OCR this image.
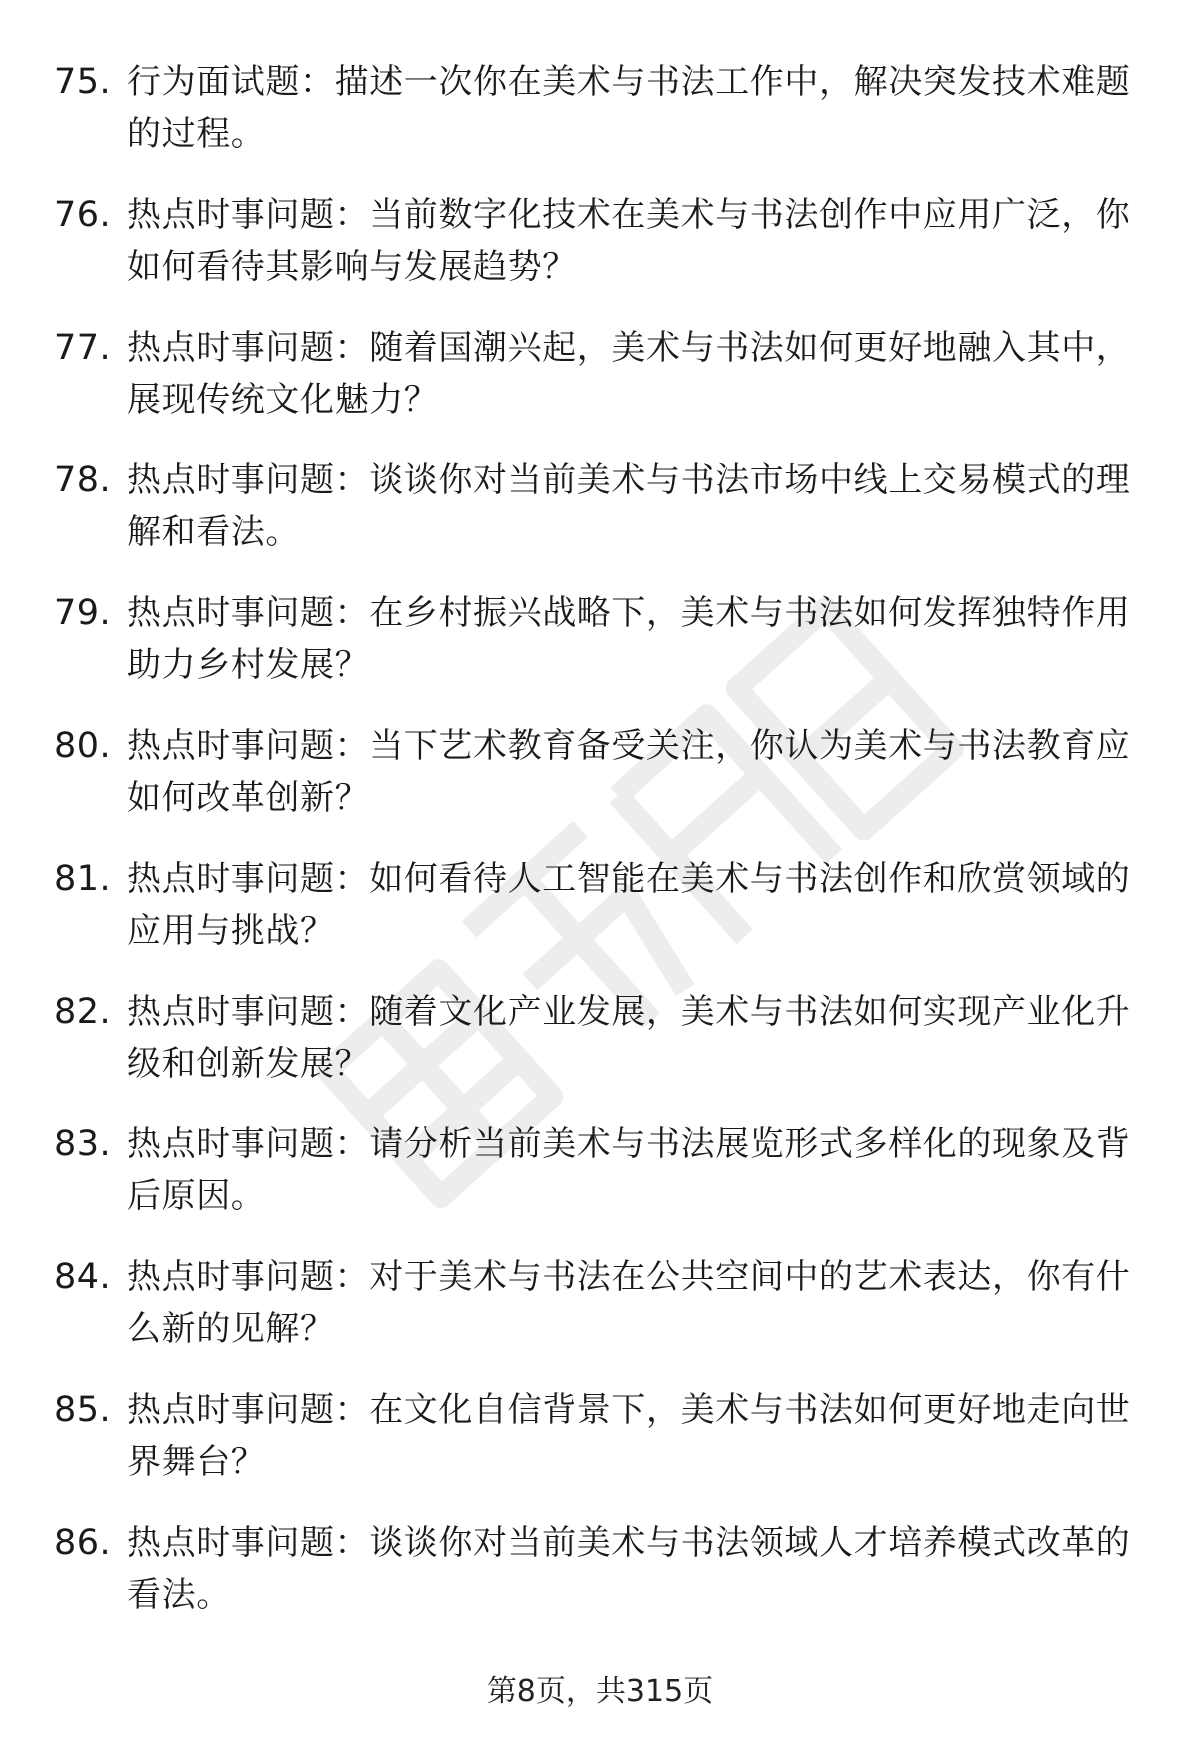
75. 行为面试题：描述一次你在美术与书法工作中，解决突发技术难题的过程。
76. 热点时事问题：当前数字化技术在美术与书法创作中应用广泛，你如何看待其影响与发展趋势？
77. 热点时事问题：随着国潮兴起，美术与书法如何更好地融入其中，展现传统文化魅力？
78. 热点时事问题：谈谈你对当前美术与书法市场中线上交易模式的理解和看法。
79. 热点时事问题：在乡村振兴战略下，美术与书法如何发挥独特作用助力乡村发展？
80. 热点时事问题：当下艺术教育备受关注，你认为美术与书法教育应如何改革创新？
81. 热点时事问题：如何看待人工智能在美术与书法创作和欣赏领域的应用与挑战？
82. 热点时事问题：随着文化产业发展，美术与书法如何实现产业化升级和创新发展？
83. 热点时事问题：请分析当前美术与书法展览形式多样化的现象及背后原因。
84. 热点时事问题：对于美术与书法在公共空间中的艺术表达，你有什么新的见解？
85. 热点时事问题：在文化自信背景下，美术与书法如何更好地走向世界舞台？
86. 热点时事问题：谈谈你对当前美术与书法领域人才培养模式改革的看法。
第8页，共315页
